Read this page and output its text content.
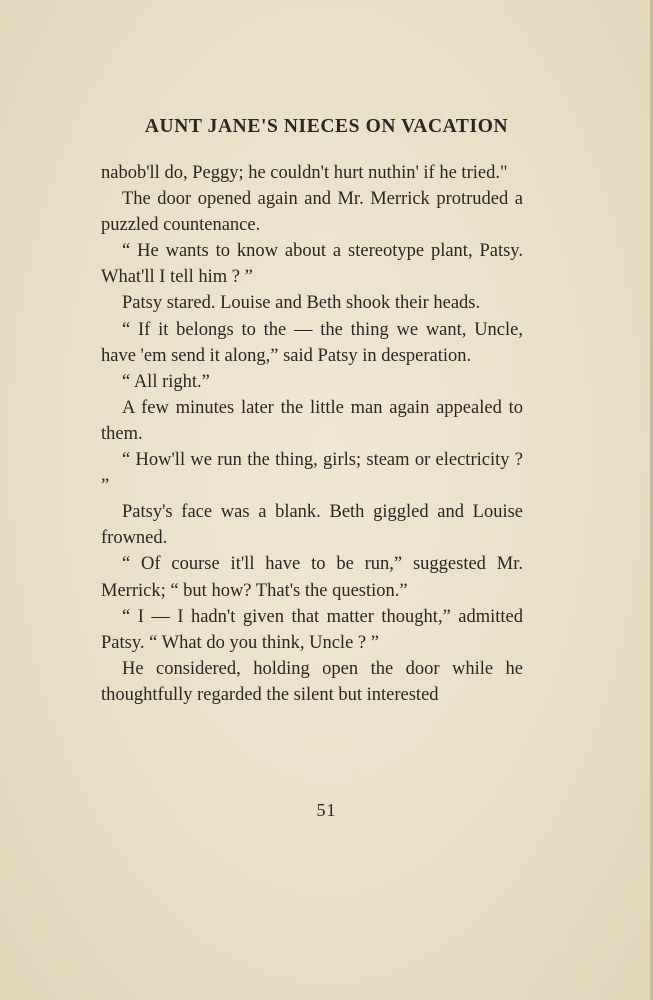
AUNT JANE'S NIECES ON VACATION

nabob'll do, Peggy; he couldn't hurt nuthin' if he tried."

The door opened again and Mr. Merrick protruded a puzzled countenance.

“ He wants to know about a stereotype plant, Patsy. What'll I tell him ? ”

Patsy stared. Louise and Beth shook their heads.

“ If it belongs to the — the thing we want, Uncle, have 'em send it along,” said Patsy in desperation.

“ All right.”

A few minutes later the little man again appealed to them.

“ How'll we run the thing, girls; steam or electricity ? ”

Patsy's face was a blank. Beth giggled and Louise frowned.

“ Of course it'll have to be run,” suggested Mr. Merrick; “ but how? That's the question.”

“ I — I hadn't given that matter thought,” admitted Patsy. “ What do you think, Uncle ? ”

He considered, holding open the door while he thoughtfully regarded the silent but interested

51
